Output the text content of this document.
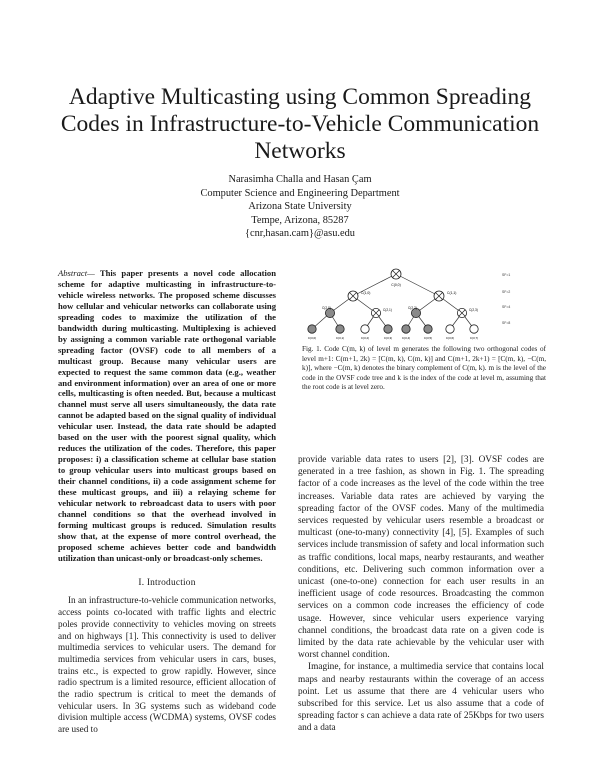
Adaptive Multicasting using Common Spreading Codes in Infrastructure-to-Vehicle Communication Networks
Narasimha Challa and Hasan Çam
Computer Science and Engineering Department
Arizona State University
Tempe, Arizona, 85287
{cnr,hasan.cam}@asu.edu

Abstract— This paper presents a novel code allocation scheme for adaptive multicasting in infrastructure-to-vehicle wireless networks. The proposed scheme discusses how cellular and vehicular networks can collaborate using spreading codes to maximize the utilization of the bandwidth during multicasting. Multiplexing is achieved by assigning a common variable rate orthogonal variable spreading factor (OVSF) code to all members of a multicast group. Because many vehicular users are expected to request the same common data (e.g., weather and environment information) over an area of one or more cells, multicasting is often needed. But, because a multicast channel must serve all users simultaneously, the data rate cannot be adapted based on the signal quality of individual vehicular user. Instead, the data rate should be adapted based on the user with the poorest signal quality, which reduces the utilization of the codes. Therefore, this paper proposes: i) a classification scheme at cellular base station to group vehicular users into multicast groups based on their channel conditions, ii) a code assignment scheme for these multicast groups, and iii) a relaying scheme for vehicular network to rebroadcast data to users with poor channel conditions so that the overhead involved in forming multicast groups is reduced. Simulation results show that, at the expense of more control overhead, the proposed scheme achieves better code and bandwidth utilization than unicast-only or broadcast-only schemes.

I. Introduction

In an infrastructure-to-vehicle communication networks, access points co-located with traffic lights and electric poles provide connectivity to vehicles moving on streets and on highways [1]. This connectivity is used to deliver multimedia services to vehicular users. The demand for multimedia services from vehicular users in cars, buses, trains etc., is expected to grow rapidly. However, since radio spectrum is a limited resource, efficient allocation of the radio spectrum is critical to meet the demands of vehicular users. In 3G systems such as wideband code division multiple access (WCDMA) systems, OVSF codes are used to

C(0,0)
C(1,0)	C(1,1)
C(2,0)	C(2,1)	C(2,2)	C(2,3)
C(3,0)	C(3,1)	C(3,2)	C(3,3)	C(3,4)	C(3,5)	C(3,6)	C(3,7)
SF=1
SF=2
SF=4
SF=8
Fig. 1. Code C(m, k) of level m generates the following two orthogonal codes of level m+1: C(m+1, 2k) = [C(m, k), C(m, k)] and C(m+1, 2k+1) = [C(m, k), −C(m, k)], where −C(m, k) denotes the binary complement of C(m, k). m is the level of the code in the OVSF code tree and k is the index of the code at level m, assuming that the root code is at level zero.

provide variable data rates to users [2], [3]. OVSF codes are generated in a tree fashion, as shown in Fig. 1. The spreading factor of a code increases as the level of the code within the tree increases. Variable data rates are achieved by varying the spreading factor of the OVSF codes. Many of the multimedia services requested by vehicular users resemble a broadcast or multicast (one-to-many) connectivity [4], [5]. Examples of such services include transmission of safety and local information such as traffic conditions, local maps, nearby restaurants, and weather conditions, etc. Delivering such common information over a unicast (one-to-one) connection for each user results in an inefficient usage of code resources. Broadcasting the common services on a common code increases the efficiency of code usage. However, since vehicular users experience varying channel conditions, the broadcast data rate on a given code is limited by the data rate achievable by the vehicular user with worst channel condition.

Imagine, for instance, a multimedia service that contains local maps and nearby restaurants within the coverage of an access point. Let us assume that there are 4 vehicular users who subscribed for this service. Let us also assume that a code of spreading factor s can achieve a data rate of 25Kbps for two users and a data
